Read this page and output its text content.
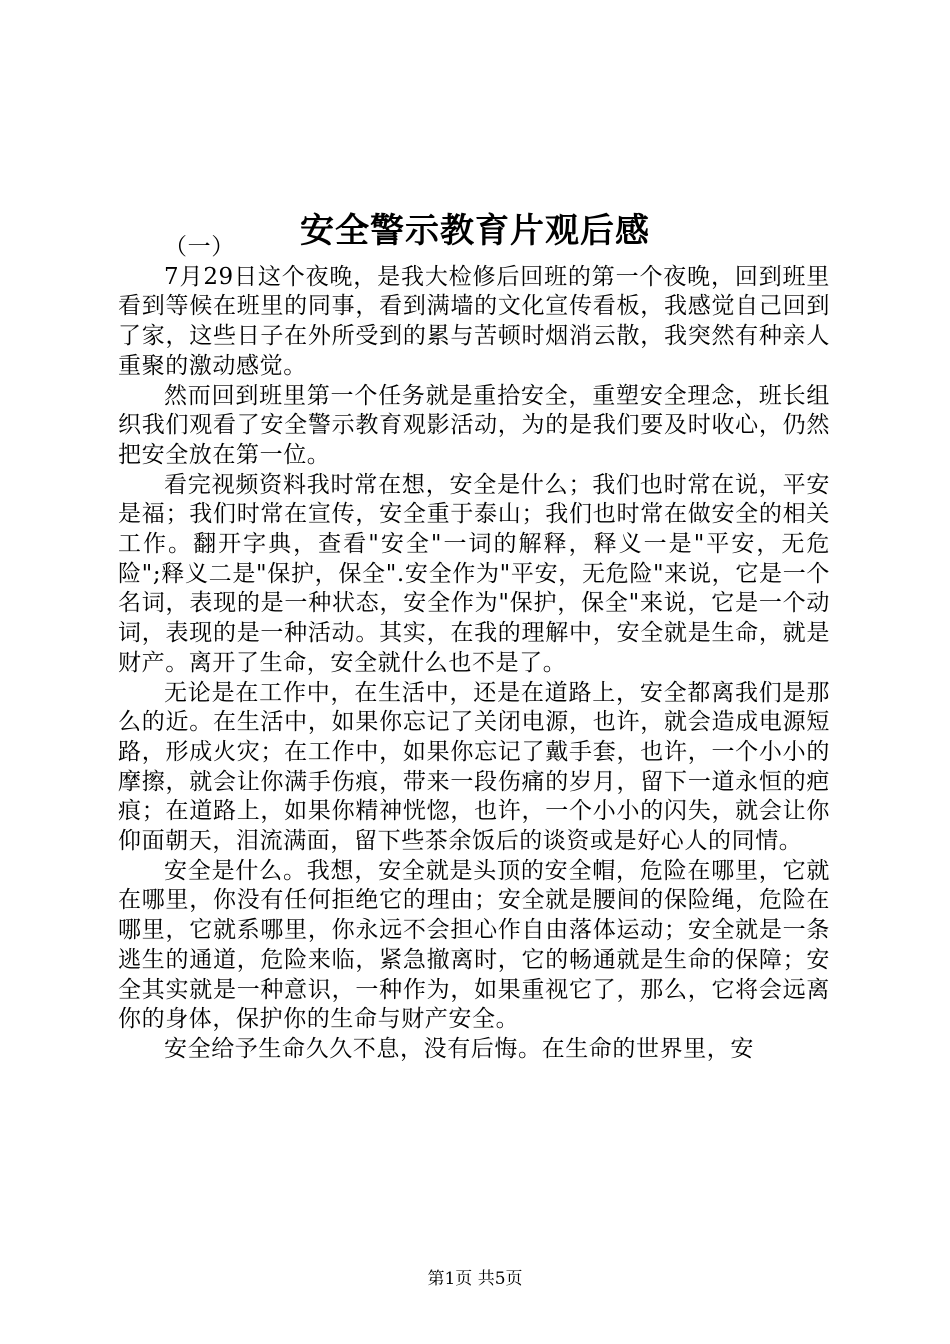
安全警示教育片观后感

（一）

7月29日这个夜晚，是我大检修后回班的第一个夜晚，回到班里看到等候在班里的同事，看到满墙的文化宣传看板，我感觉自己回到了家，这些日子在外所受到的累与苦顿时烟消云散，我突然有种亲人重聚的激动感觉。

然而回到班里第一个任务就是重拾安全，重塑安全理念，班长组织我们观看了安全警示教育观影活动，为的是我们要及时收心，仍然把安全放在第一位。

看完视频资料我时常在想，安全是什么；我们也时常在说，平安是福；我们时常在宣传，安全重于泰山；我们也时常在做安全的相关工作。翻开字典，查看"安全"一词的解释，释义一是"平安，无危险";释义二是"保护，保全".安全作为"平安，无危险"来说，它是一个名词，表现的是一种状态，安全作为"保护，保全"来说，它是一个动词，表现的是一种活动。其实，在我的理解中，安全就是生命，就是财产。离开了生命，安全就什么也不是了。

无论是在工作中，在生活中，还是在道路上，安全都离我们是那么的近。在生活中，如果你忘记了关闭电源，也许，就会造成电源短路，形成火灾；在工作中，如果你忘记了戴手套，也许，一个小小的摩擦，就会让你满手伤痕，带来一段伤痛的岁月，留下一道永恒的疤痕；在道路上，如果你精神恍惚，也许，一个小小的闪失，就会让你仰面朝天，泪流满面，留下些茶余饭后的谈资或是好心人的同情。

安全是什么。我想，安全就是头顶的安全帽，危险在哪里，它就在哪里，你没有任何拒绝它的理由；安全就是腰间的保险绳，危险在哪里，它就系哪里，你永远不会担心作自由落体运动；安全就是一条逃生的通道，危险来临，紧急撤离时，它的畅通就是生命的保障；安全其实就是一种意识，一种作为，如果重视它了，那么，它将会远离你的身体，保护你的生命与财产安全。

安全给予生命久久不息，没有后悔。在生命的世界里，安

第1页 共5页
